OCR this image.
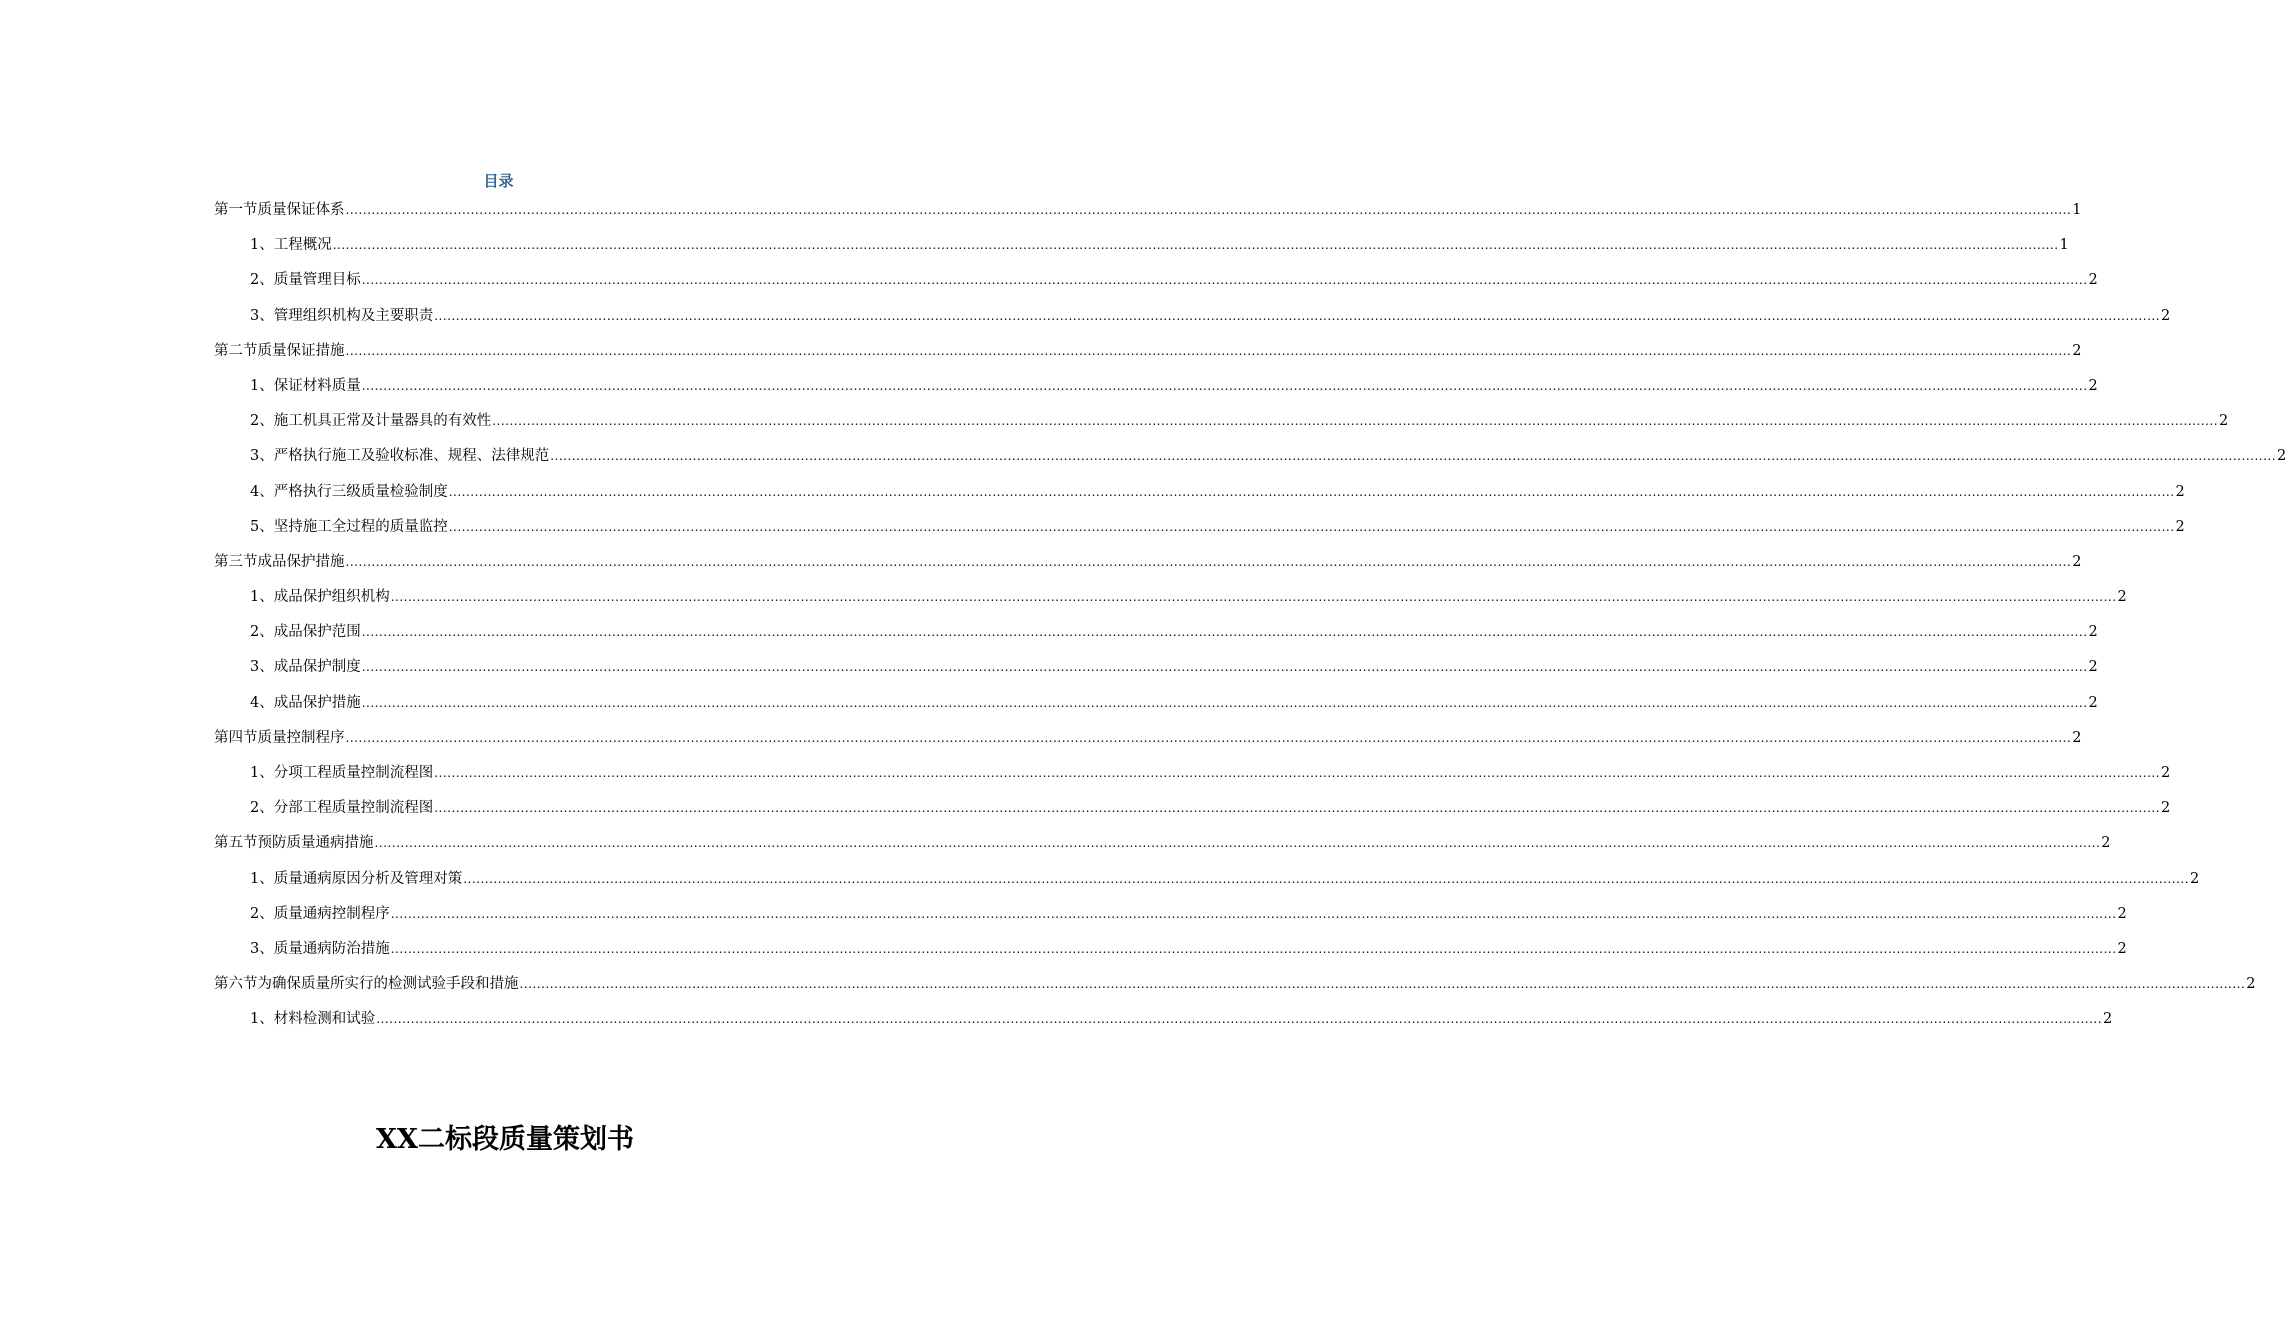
目录
第一节质量保证体系 ................................................................................................................................................................................................................................................................................................................................................................................................................ 1
1、工程概况 ................................................................................................................................................................................................................................................................................................................................................................................................................ 1
2、质量管理目标 ................................................................................................................................................................................................................................................................................................................................................................................................................ 2
3、管理组织机构及主要职责 ................................................................................................................................................................................................................................................................................................................................................................................................................ 2
第二节质量保证措施 ................................................................................................................................................................................................................................................................................................................................................................................................................ 2
1、保证材料质量 ................................................................................................................................................................................................................................................................................................................................................................................................................ 2
2、施工机具正常及计量器具的有效性 ................................................................................................................................................................................................................................................................................................................................................................................................................ 2
3、严格执行施工及验收标准、规程、法律规范 ................................................................................................................................................................................................................................................................................................................................................................................................................ 2
4、严格执行三级质量检验制度 ................................................................................................................................................................................................................................................................................................................................................................................................................ 2
5、坚持施工全过程的质量监控 ................................................................................................................................................................................................................................................................................................................................................................................................................ 2
第三节成品保护措施 ................................................................................................................................................................................................................................................................................................................................................................................................................ 2
1、成品保护组织机构 ................................................................................................................................................................................................................................................................................................................................................................................................................ 2
2、成品保护范围 ................................................................................................................................................................................................................................................................................................................................................................................................................ 2
3、成品保护制度 ................................................................................................................................................................................................................................................................................................................................................................................................................ 2
4、成品保护措施 ................................................................................................................................................................................................................................................................................................................................................................................................................ 2
第四节质量控制程序 ................................................................................................................................................................................................................................................................................................................................................................................................................ 2
1、分项工程质量控制流程图 ................................................................................................................................................................................................................................................................................................................................................................................................................ 2
2、分部工程质量控制流程图 ................................................................................................................................................................................................................................................................................................................................................................................................................ 2
第五节预防质量通病措施 ................................................................................................................................................................................................................................................................................................................................................................................................................ 2
1、质量通病原因分析及管理对策 ................................................................................................................................................................................................................................................................................................................................................................................................................ 2
2、质量通病控制程序 ................................................................................................................................................................................................................................................................................................................................................................................................................ 2
3、质量通病防治措施 ................................................................................................................................................................................................................................................................................................................................................................................................................ 2
第六节为确保质量所实行的检测试验手段和措施 ................................................................................................................................................................................................................................................................................................................................................................................................................ 2
1、材料检测和试验 ................................................................................................................................................................................................................................................................................................................................................................................................................ 2
XX二标段质量策划书
